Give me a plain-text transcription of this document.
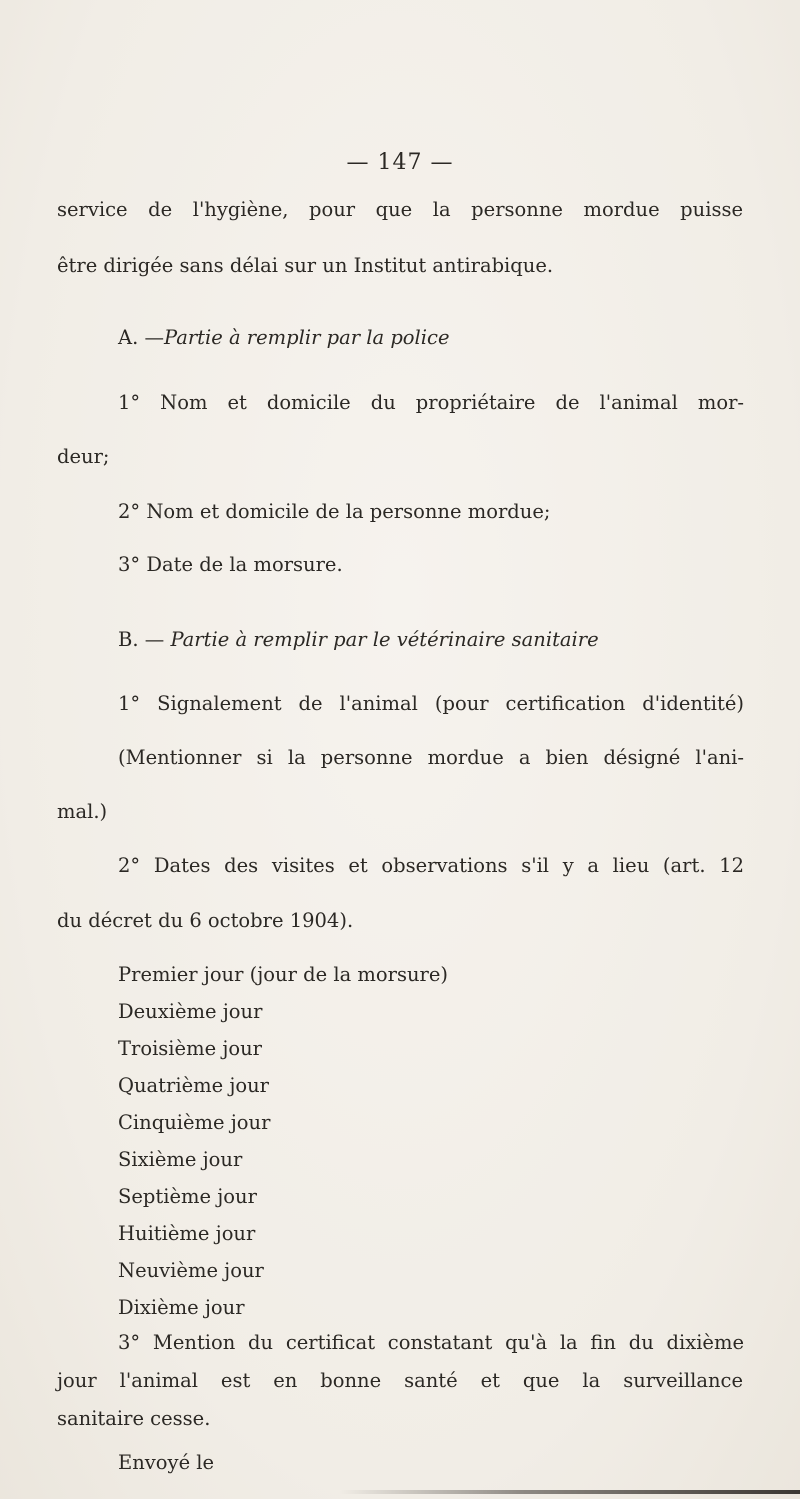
— 147 —
service de l'hygiène, pour que la personne mordue puisse
être dirigée sans délai sur un Institut antirabique.
A. —Partie à remplir par la police
1° Nom et domicile du propriétaire de l'animal mor-
deur;
2° Nom et domicile de la personne mordue;
3° Date de la morsure.
B. — Partie à remplir par le vétérinaire sanitaire
1° Signalement de l'animal (pour certification d'identité)
(Mentionner si la personne mordue a bien désigné l'ani-
mal.)
2° Dates des visites et observations s'il y a lieu (art. 12
du décret du 6 octobre 1904).
Premier jour (jour de la morsure)
Deuxième jour
Troisième jour
Quatrième jour
Cinquième jour
Sixième jour
Septième jour
Huitième jour
Neuvième jour
Dixième jour
3° Mention du certificat constatant qu'à la fin du dixième
jour l'animal est en bonne santé et que la surveillance
sanitaire cesse.
Envoyé le
